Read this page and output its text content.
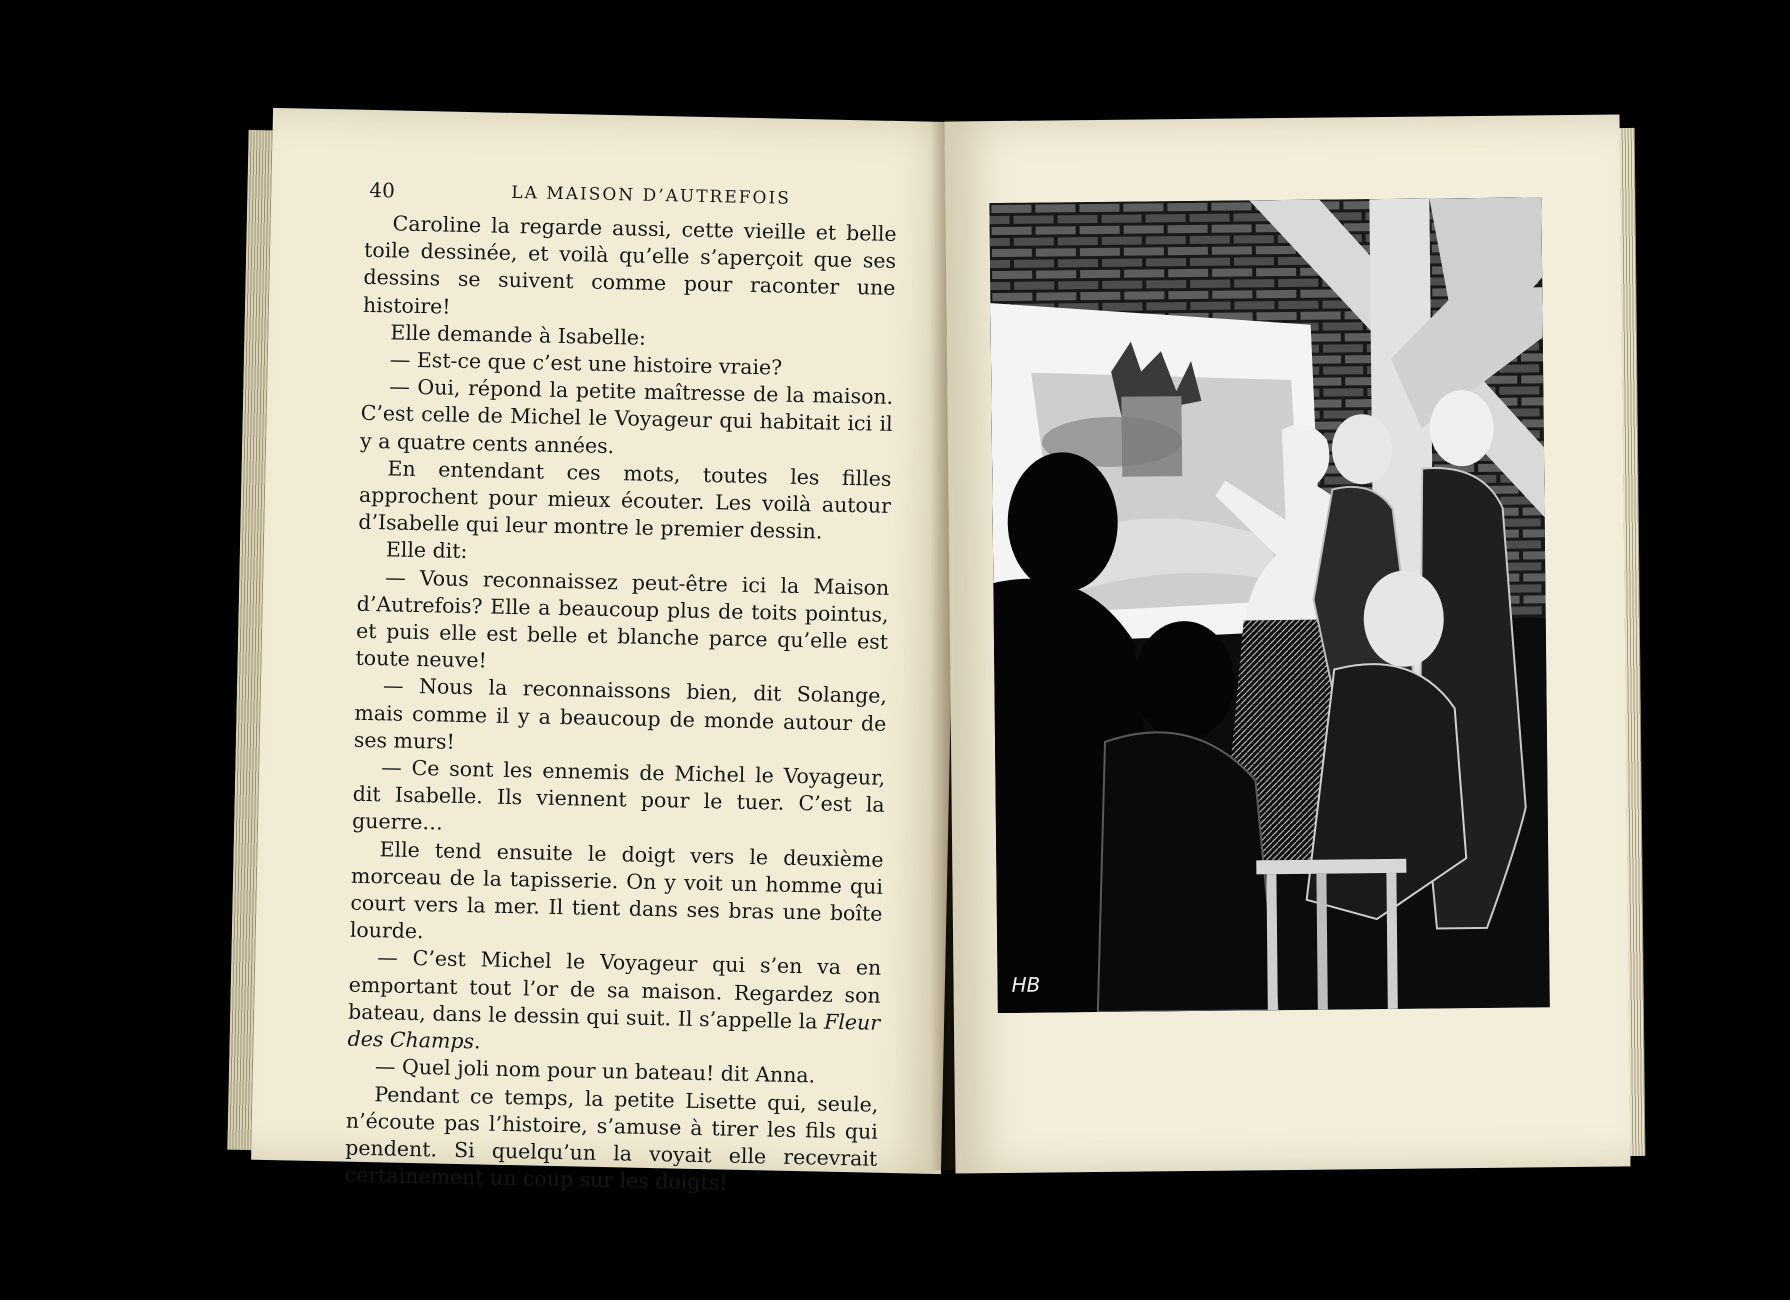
40	LA MAISON D’AUTREFOIS

Caroline la regarde aussi, cette vieille et belle toile dessinée, et voilà qu’elle s’aperçoit que ses dessins se suivent comme pour raconter une histoire!

Elle demande à Isabelle:

— Est-ce que c’est une histoire vraie?

— Oui, répond la petite maîtresse de la maison. C’est celle de Michel le Voyageur qui habitait ici il y a quatre cents années.

En entendant ces mots, toutes les filles approchent pour mieux écouter. Les voilà autour d’Isabelle qui leur montre le premier dessin.

Elle dit:

— Vous reconnaissez peut-être ici la Maison d’Autrefois? Elle a beaucoup plus de toits pointus, et puis elle est belle et blanche parce qu’elle est toute neuve!

— Nous la reconnaissons bien, dit Solange, mais comme il y a beaucoup de monde autour de ses murs!

— Ce sont les ennemis de Michel le Voyageur, dit Isabelle. Ils viennent pour le tuer. C’est la guerre…

Elle tend ensuite le doigt vers le deuxième morceau de la tapisserie. On y voit un homme qui court vers la mer. Il tient dans ses bras une boîte lourde.

— C’est Michel le Voyageur qui s’en va en emportant tout l’or de sa maison. Regardez son bateau, dans le dessin qui suit. Il s’appelle la Fleur des Champs.

— Quel joli nom pour un bateau! dit Anna.

Pendant ce temps, la petite Lisette qui, seule, n’écoute pas l’histoire, s’amuse à tirer les fils qui pendent. Si quelqu’un la voyait elle recevrait certainement un coup sur les doigts!

HB
